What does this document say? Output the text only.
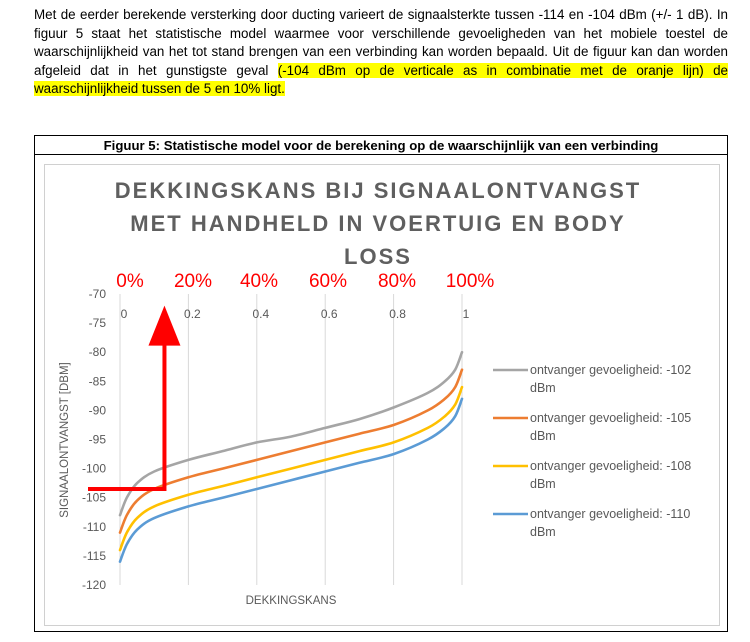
Met de eerder berekende versterking door ducting varieert de signaalsterkte tussen -114 en -104 dBm (+/- 1 dB). In figuur 5 staat het statistische model waarmee voor verschillende gevoeligheden van het mobiele toestel de waarschijnlijkheid van het tot stand brengen van een verbinding kan worden bepaald. Uit de figuur kan dan worden afgeleid dat in het gunstigste geval (-104 dBm op de verticale as in combinatie met de oranje lijn) de waarschijnlijkheid tussen de 5 en 10% ligt.

Figuur 5: Statistische model voor de berekening op de waarschijnlijk van een verbinding
DEKKINGSKANS BIJ SIGNAALONTVANGST
MET HANDHELD IN VOERTUIG EN BODY
LOSS
0% 20% 40% 60% 80% 100%
-70
-75
-80
-85
-90
-95
-100
-105
-110
-115
-120
0	0.2	0.4	0.6	0.8	1
ontvanger gevoeligheid: -102 dBm
ontvanger gevoeligheid: -105 dBm
ontvanger gevoeligheid: -108 dBm
ontvanger gevoeligheid: -110 dBm
SIGNAALONTVANGST [DBM]
DEKKINGSKANS
